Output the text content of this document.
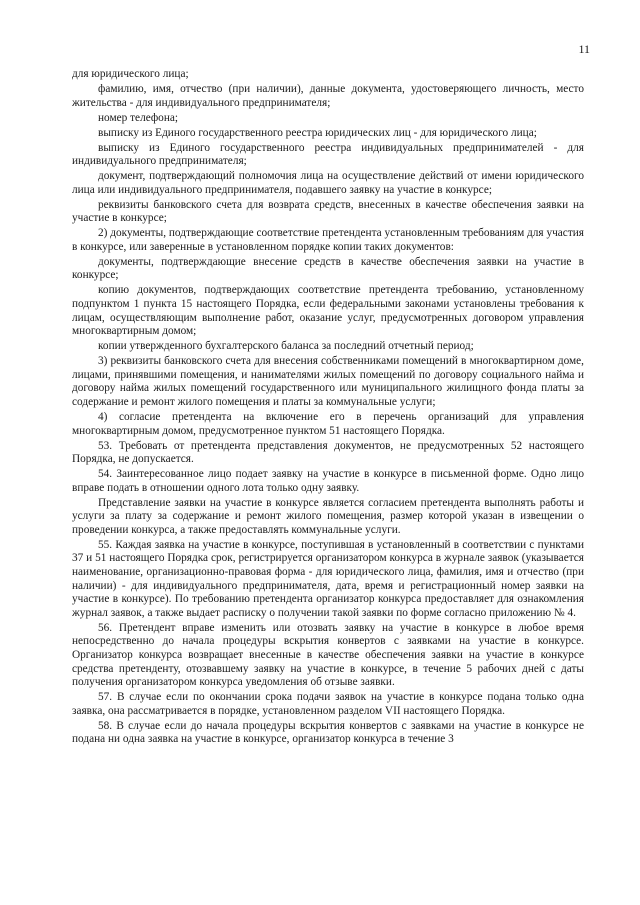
11

для юридического лица;

фамилию, имя, отчество (при наличии), данные документа, удостоверяющего личность, место жительства - для индивидуального предпринимателя;

номер телефона;

выписку из Единого государственного реестра юридических лиц - для юридического лица;

выписку из Единого государственного реестра индивидуальных предпринимателей - для индивидуального предпринимателя;

документ, подтверждающий полномочия лица на осуществление действий от имени юридического лица или индивидуального предпринимателя, подавшего заявку на участие в конкурсе;

реквизиты банковского счета для возврата средств, внесенных в качестве обеспечения заявки на участие в конкурсе;

2) документы, подтверждающие соответствие претендента установленным требованиям для участия в конкурсе, или заверенные в установленном порядке копии таких документов:

документы, подтверждающие внесение средств в качестве обеспечения заявки на участие в конкурсе;

копию документов, подтверждающих соответствие претендента требованию, установленному подпунктом 1 пункта 15 настоящего Порядка, если федеральными законами установлены требования к лицам, осуществляющим выполнение работ, оказание услуг, предусмотренных договором управления многоквартирным домом;

копии утвержденного бухгалтерского баланса за последний отчетный период;

3) реквизиты банковского счета для внесения собственниками помещений в многоквартирном доме, лицами, принявшими помещения, и нанимателями жилых помещений по договору социального найма и договору найма жилых помещений государственного или муниципального жилищного фонда платы за содержание и ремонт жилого помещения и платы за коммунальные услуги;

4) согласие претендента на включение его в перечень организаций для управления многоквартирным домом, предусмотренное пунктом 51 настоящего Порядка.

53. Требовать от претендента представления документов, не предусмотренных 52 настоящего Порядка, не допускается.

54. Заинтересованное лицо подает заявку на участие в конкурсе в письменной форме. Одно лицо вправе подать в отношении одного лота только одну заявку.

Представление заявки на участие в конкурсе является согласием претендента выполнять работы и услуги за плату за содержание и ремонт жилого помещения, размер которой указан в извещении о проведении конкурса, а также предоставлять коммунальные услуги.

55. Каждая заявка на участие в конкурсе, поступившая в установленный в соответствии с пунктами 37 и 51 настоящего Порядка срок, регистрируется организатором конкурса в журнале заявок (указывается наименование, организационно-правовая форма - для юридического лица, фамилия, имя и отчество (при наличии) - для индивидуального предпринимателя, дата, время и регистрационный номер заявки на участие в конкурсе). По требованию претендента организатор конкурса предоставляет для ознакомления журнал заявок, а также выдает расписку о получении такой заявки по форме согласно приложению № 4.

56. Претендент вправе изменить или отозвать заявку на участие в конкурсе в любое время непосредственно до начала процедуры вскрытия конвертов с заявками на участие в конкурсе. Организатор конкурса возвращает внесенные в качестве обеспечения заявки на участие в конкурсе средства претенденту, отозвавшему заявку на участие в конкурсе, в течение 5 рабочих дней с даты получения организатором конкурса уведомления об отзыве заявки.

57. В случае если по окончании срока подачи заявок на участие в конкурсе подана только одна заявка, она рассматривается в порядке, установленном разделом VII настоящего Порядка.

58. В случае если до начала процедуры вскрытия конвертов с заявками на участие в конкурсе не подана ни одна заявка на участие в конкурсе, организатор конкурса в течение 3
